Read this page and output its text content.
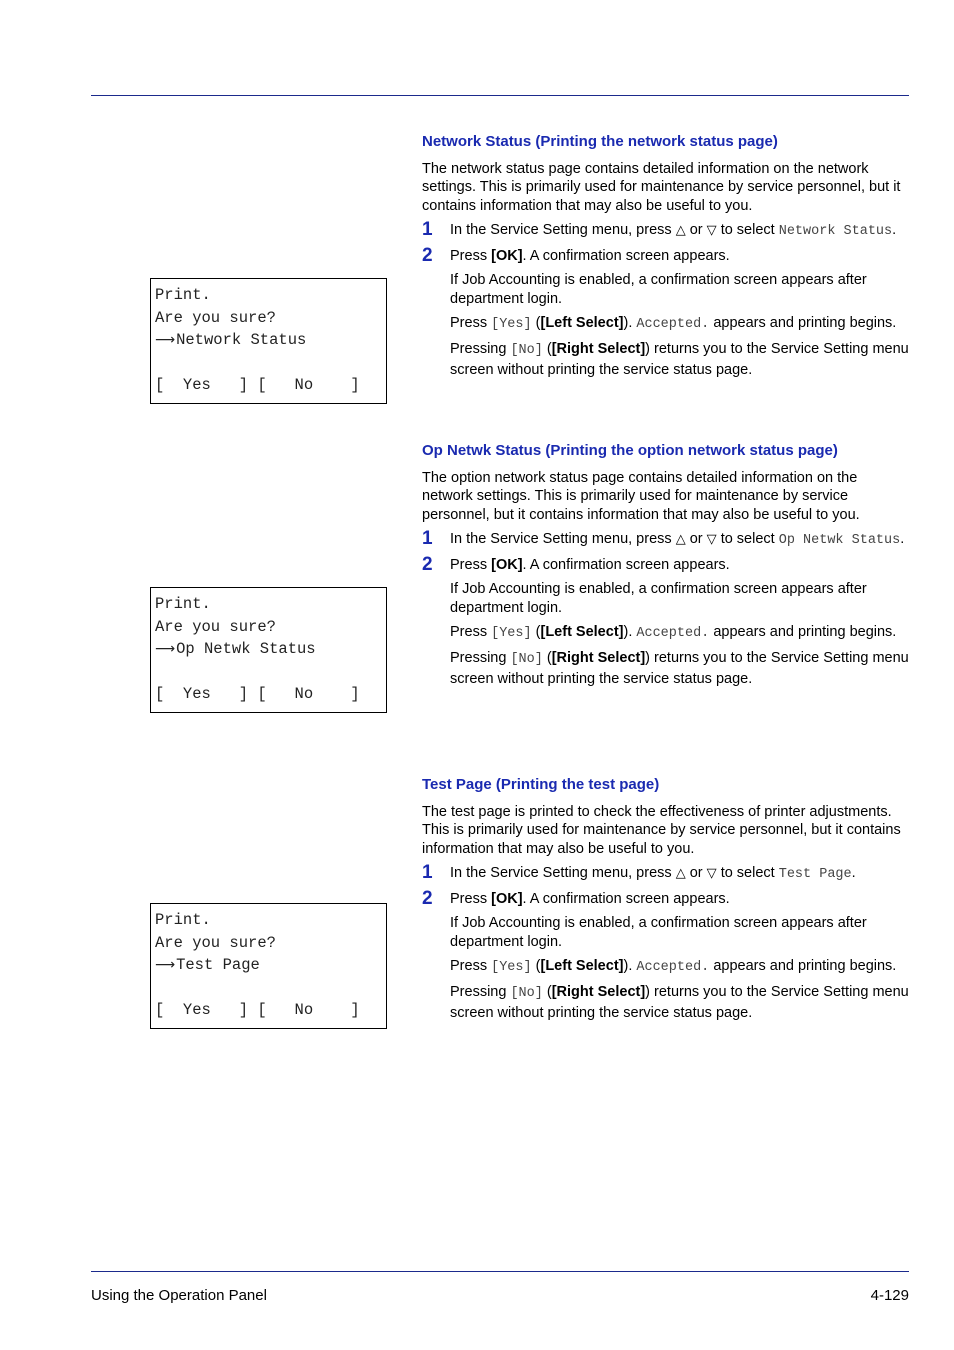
Print.
Are you sure?
⟶Network Status
[  Yes   ] [   No    ]
Print.
Are you sure?
⟶Op Netwk Status
[  Yes   ] [   No    ]
Print.
Are you sure?
⟶Test Page
[  Yes   ] [   No    ]
Network Status (Printing the network status page)
The network status page contains detailed information on the network settings. This is primarily used for maintenance by service personnel, but it contains information that may also be useful to you.
1 In the Service Setting menu, press △ or ▽ to select Network Status.
2 Press [OK]. A confirmation screen appears.
If Job Accounting is enabled, a confirmation screen appears after department login.
Press [Yes] ([Left Select]). Accepted. appears and printing begins.
Pressing [No] ([Right Select]) returns you to the Service Setting menu screen without printing the service status page.
Op Netwk Status (Printing the option network status page)
The option network status page contains detailed information on the network settings. This is primarily used for maintenance by service personnel, but it contains information that may also be useful to you.
1 In the Service Setting menu, press △ or ▽ to select Op Netwk Status.
2 Press [OK]. A confirmation screen appears.
If Job Accounting is enabled, a confirmation screen appears after department login.
Press [Yes] ([Left Select]). Accepted. appears and printing begins.
Pressing [No] ([Right Select]) returns you to the Service Setting menu screen without printing the service status page.
Test Page (Printing the test page)
The test page is printed to check the effectiveness of printer adjustments. This is primarily used for maintenance by service personnel, but it contains information that may also be useful to you.
1 In the Service Setting menu, press △ or ▽ to select Test Page.
2 Press [OK]. A confirmation screen appears.
If Job Accounting is enabled, a confirmation screen appears after department login.
Press [Yes] ([Left Select]). Accepted. appears and printing begins.
Pressing [No] ([Right Select]) returns you to the Service Setting menu screen without printing the service status page.
Using the Operation Panel	4-129
